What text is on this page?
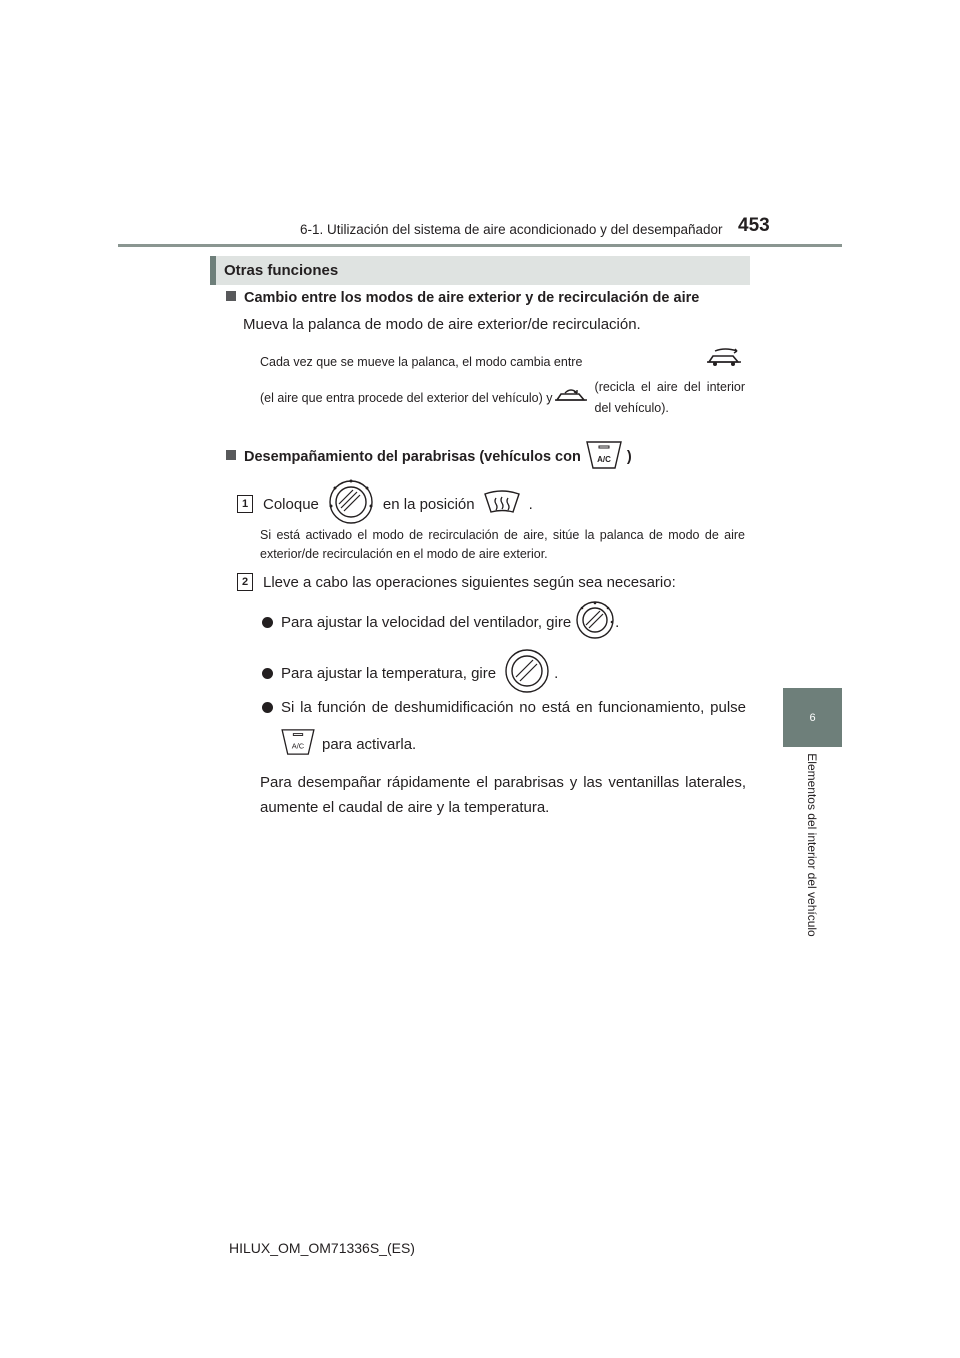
6-1. Utilización del sistema de aire acondicionado y del desempañador 453
6
Elementos del interior del vehículo
Otras funciones
Cambio entre los modos de aire exterior y de recirculación de aire
Mueva la palanca de modo de aire exterior/de recirculación.
Cada vez que se mueve la palanca, el modo cambia entre
(el aire que entra procede del exterior del vehículo) y
(recicla el aire del interior del vehículo).
Desempañamiento del parabrisas (vehículos con A/C )
1 Coloque	en la posición	.
Si está activado el modo de recirculación de aire, sitúe la palanca de modo de aire exterior/de recirculación en el modo de aire exterior.
2 Lleve a cabo las operaciones siguientes según sea necesario:
Para ajustar la velocidad del ventilador, gire	.
Para ajustar la temperatura, gire	.
Si la función de deshumidificación no está en funcionamiento, pulse
A/C para activarla.
Para desempañar rápidamente el parabrisas y las ventanillas laterales, aumente el caudal de aire y la temperatura.
HILUX_OM_OM71336S_(ES)
